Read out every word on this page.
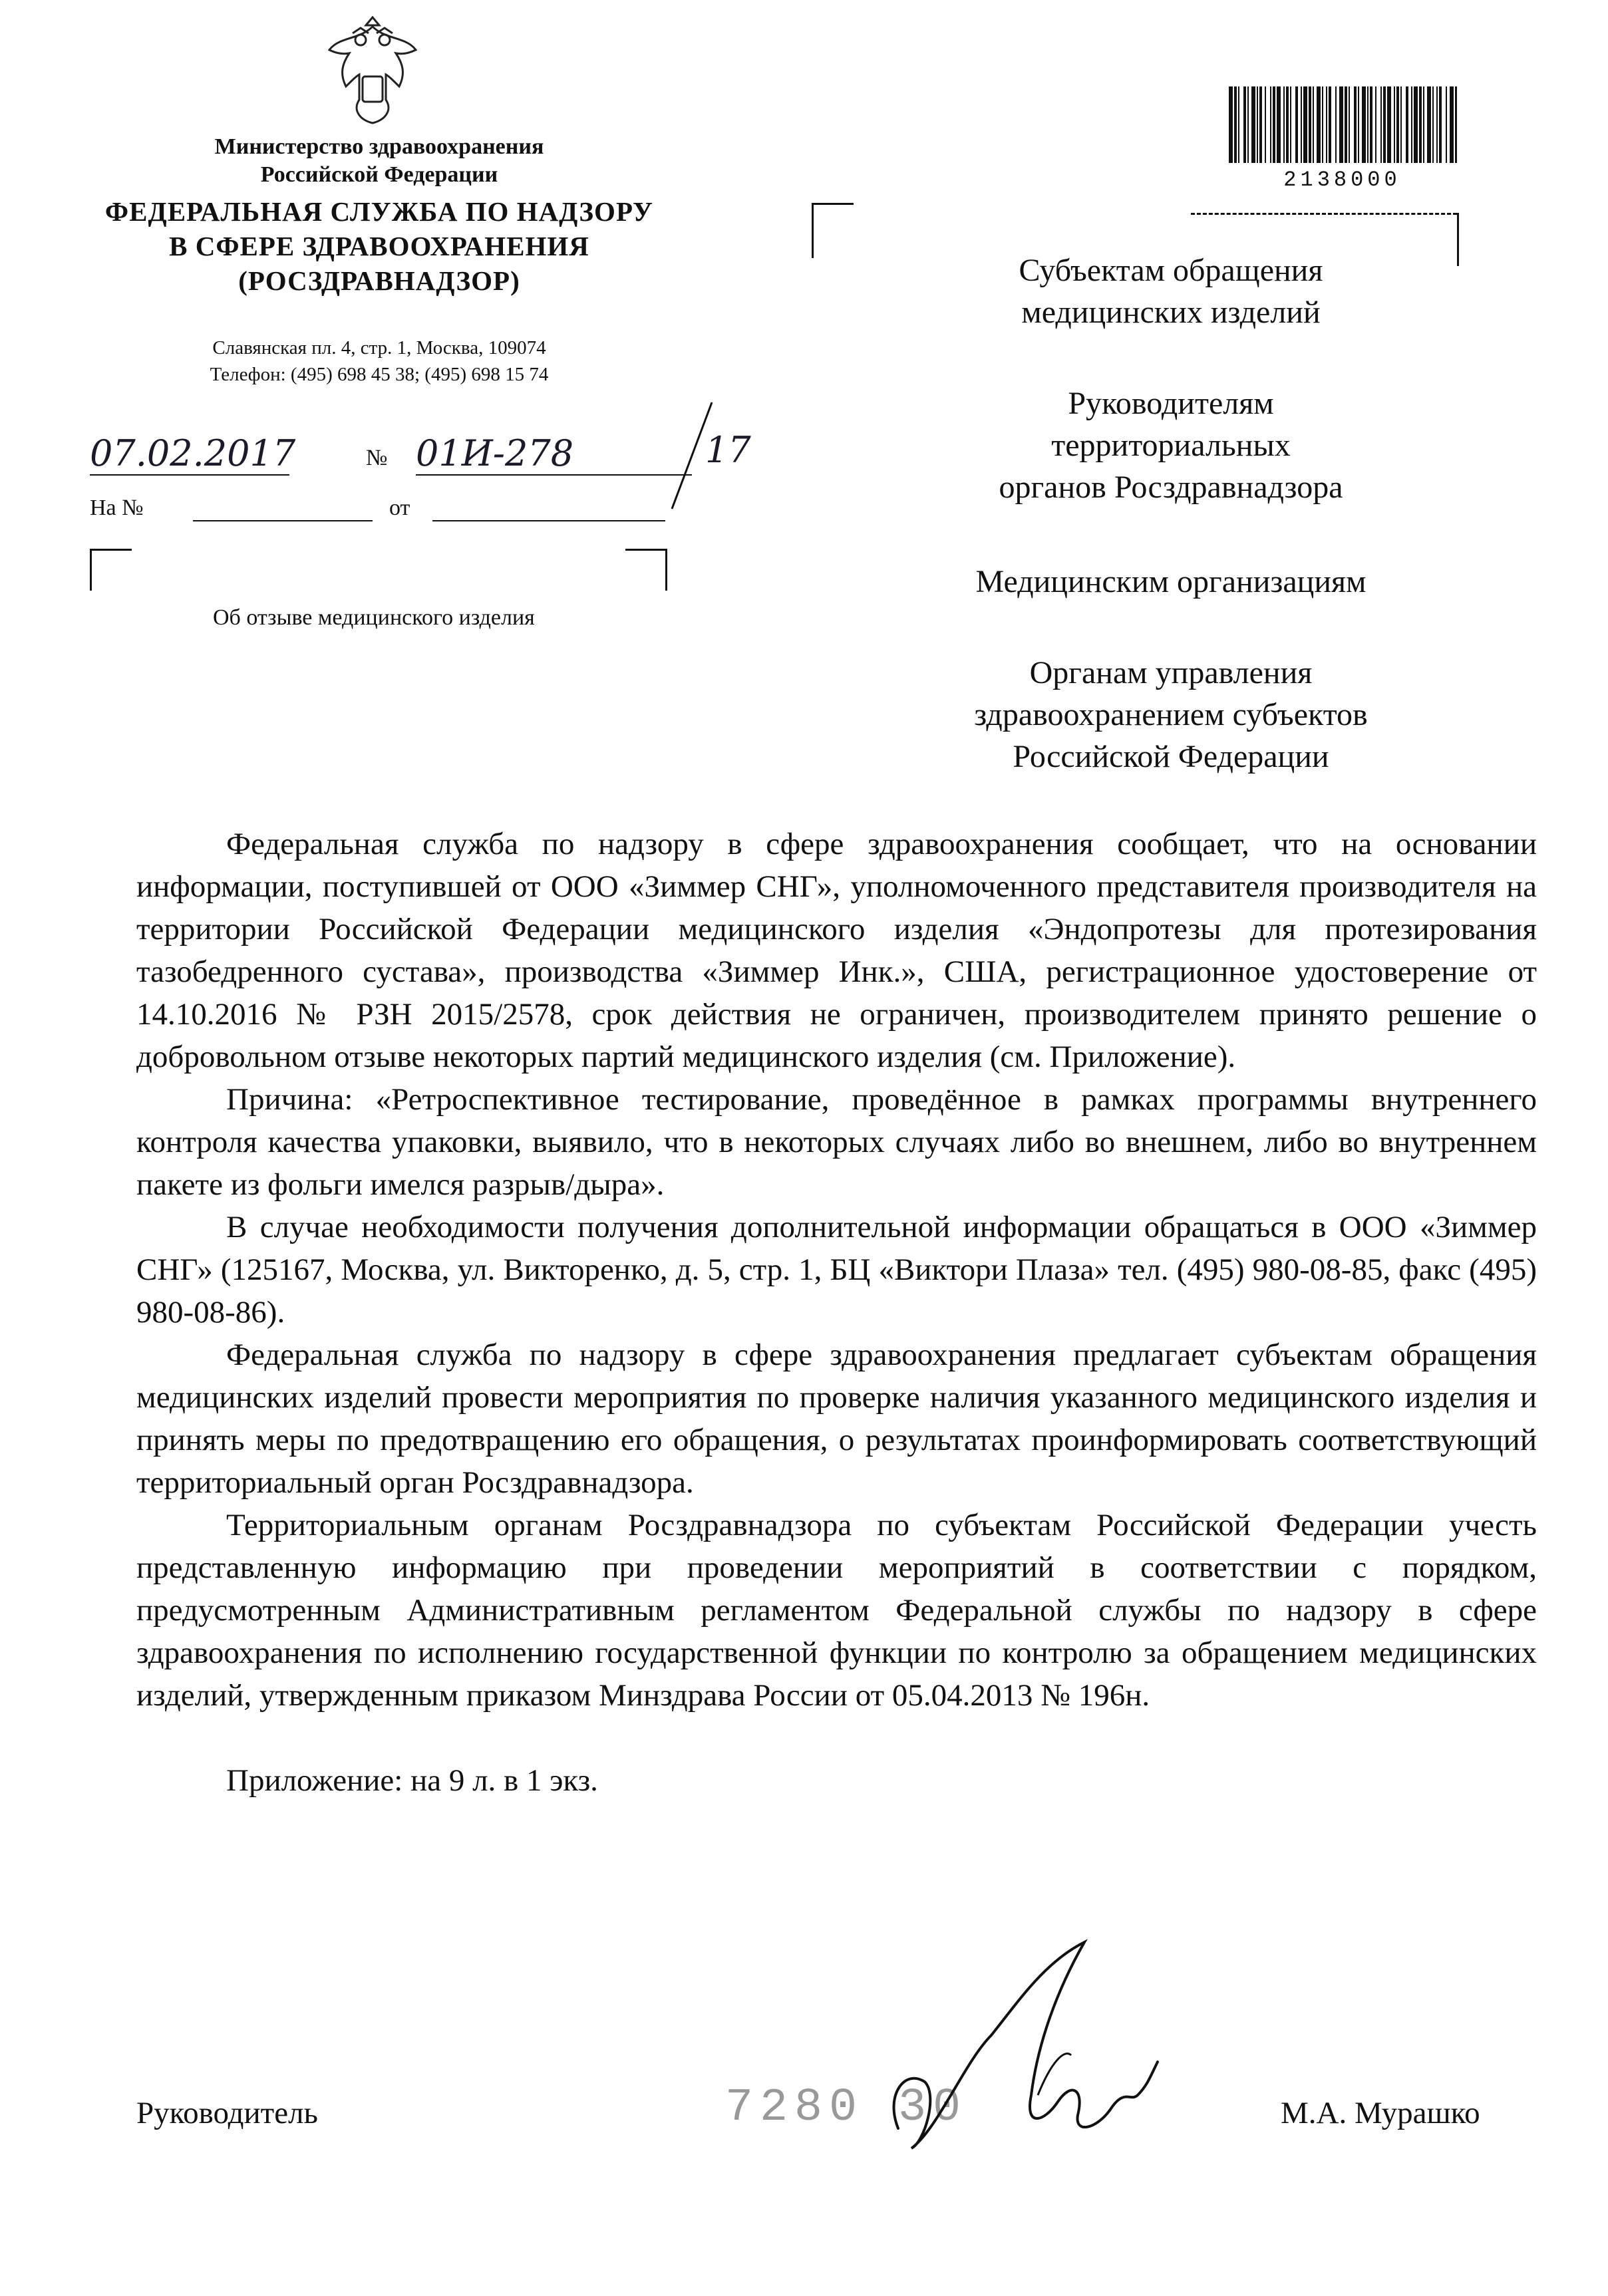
Министерство здравоохранения
Российской Федерации
ФЕДЕРАЛЬНАЯ СЛУЖБА ПО НАДЗОРУ
В СФЕРЕ ЗДРАВООХРАНЕНИЯ
(РОСЗДРАВНАДЗОР)
Славянская пл. 4, стр. 1, Москва, 109074
Телефон: (495) 698 45 38; (495) 698 15 74
07.02.2017	№ 01И-278	17
На №	от
Об отзыве медицинского изделия
2138000
Субъектам обращения
медицинских изделий
Руководителям
территориальных
органов Росздравнадзора
Медицинским организациям
Органам управления
здравоохранением субъектов
Российской Федерации

Федеральная служба по надзору в сфере здравоохранения сообщает, что на основании информации, поступившей от ООО «Зиммер СНГ», уполномоченного представителя производителя на территории Российской Федерации медицинского изделия «Эндопротезы для протезирования тазобедренного сустава», производства «Зиммер Инк.», США, регистрационное удостоверение от 14.10.2016 № РЗН 2015/2578, срок действия не ограничен, производителем принято решение о добровольном отзыве некоторых партий медицинского изделия (см. Приложение).

Причина: «Ретроспективное тестирование, проведённое в рамках программы внутреннего контроля качества упаковки, выявило, что в некоторых случаях либо во внешнем, либо во внутреннем пакете из фольги имелся разрыв/дыра».

В случае необходимости получения дополнительной информации обращаться в ООО «Зиммер СНГ» (125167, Москва, ул. Викторенко, д. 5, стр. 1, БЦ «Виктори Плаза» тел. (495) 980-08-85, факс (495) 980-08-86).

Федеральная служба по надзору в сфере здравоохранения предлагает субъектам обращения медицинских изделий провести мероприятия по проверке наличия указанного медицинского изделия и принять меры по предотвращению его обращения, о результатах проинформировать соответствующий территориальный орган Росздравнадзора.

Территориальным органам Росздравнадзора по субъектам Российской Федерации учесть представленную информацию при проведении мероприятий в соответствии с порядком, предусмотренным Административным регламентом Федеральной службы по надзору в сфере здравоохранения по исполнению государственной функции по контролю за обращением медицинских изделий, утвержденным приказом Минздрава России от 05.04.2013 № 196н.

Приложение: на 9 л. в 1 экз.

Руководитель	7280 30	М.А. Мурашко
